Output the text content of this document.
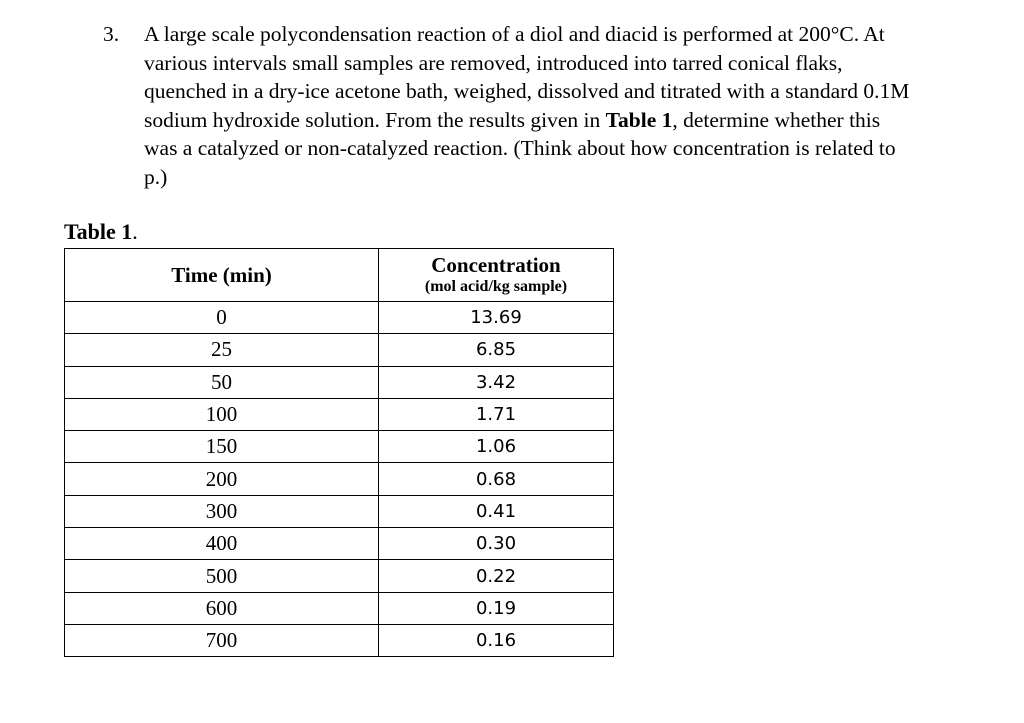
3. A large scale polycondensation reaction of a diol and diacid is performed at 200°C. At
various intervals small samples are removed, introduced into tarred conical flaks,
quenched in a dry-ice acetone bath, weighed, dissolved and titrated with a standard 0.1M
sodium hydroxide solution. From the results given in Table 1, determine whether this
was a catalyzed or non-catalyzed reaction. (Think about how concentration is related to
p.)
Table 1.
Time (min)	Concentration
(mol acid/kg sample)

0	13.69
25	6.85
50	3.42
100	1.71
150	1.06
200	0.68
300	0.41
400	0.30
500	0.22
600	0.19
700	0.16
